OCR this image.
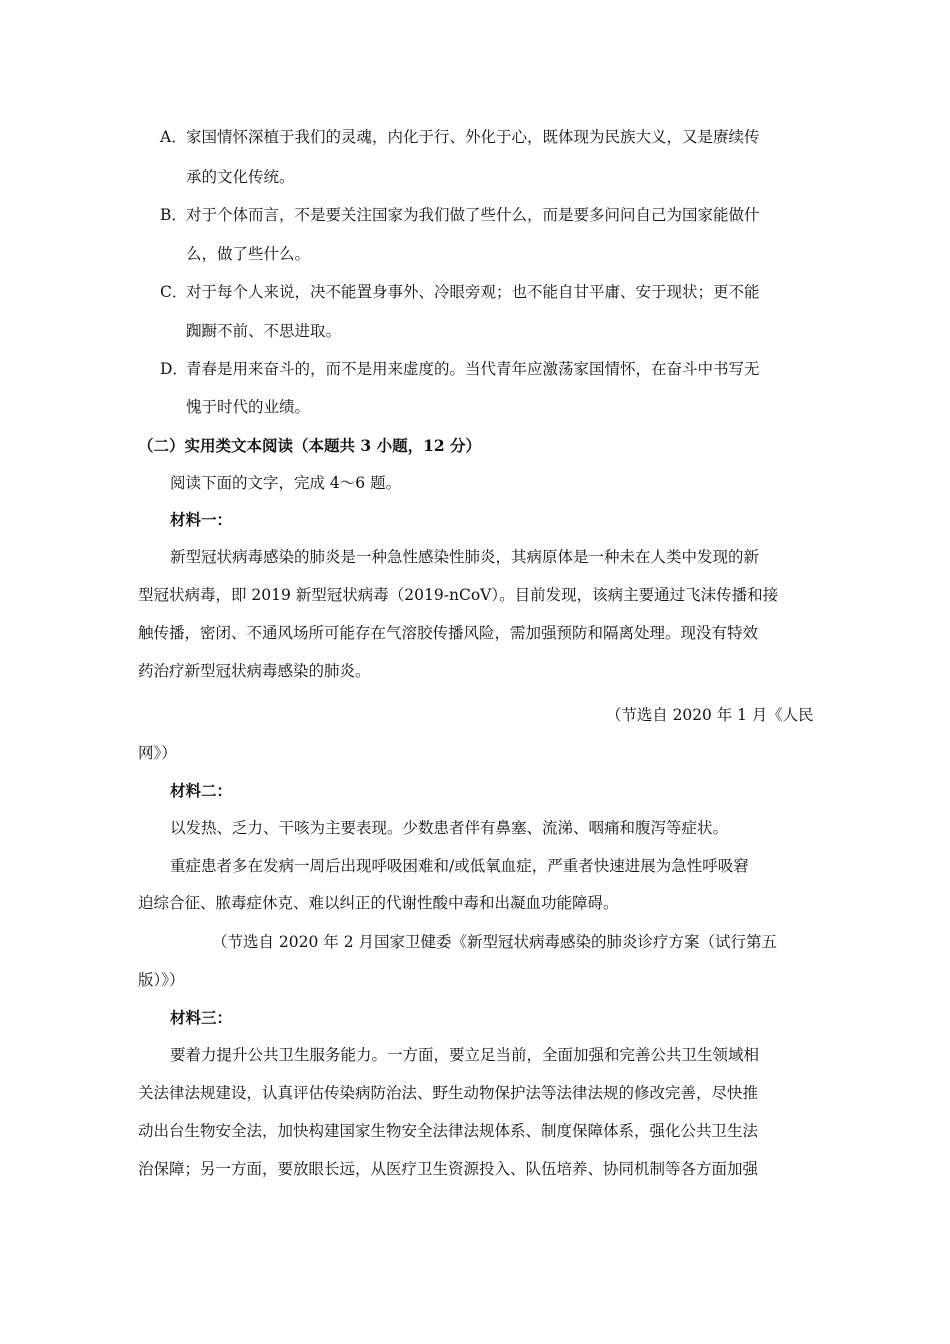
A．家国情怀深植于我们的灵魂，内化于行、外化于心，既体现为民族大义，又是赓续传
承的文化传统。
B．对于个体而言，不是要关注国家为我们做了些什么，而是要多问问自己为国家能做什
么，做了些什么。
C．对于每个人来说，决不能置身事外、冷眼旁观；也不能自甘平庸、安于现状；更不能
踟蹰不前、不思进取。
D．青春是用来奋斗的，而不是用来虚度的。当代青年应激荡家国情怀，在奋斗中书写无
愧于时代的业绩。
（二）实用类文本阅读（本题共 3 小题，12 分）
阅读下面的文字，完成 4～6 题。
材料一：
新型冠状病毒感染的肺炎是一种急性感染性肺炎，其病原体是一种未在人类中发现的新
型冠状病毒，即 2019 新型冠状病毒（2019-nCoV）。目前发现，该病主要通过飞沫传播和接
触传播，密闭、不通风场所可能存在气溶胶传播风险，需加强预防和隔离处理。现没有特效
药治疗新型冠状病毒感染的肺炎。
（节选自 2020 年 1 月《人民
网》）
材料二：
以发热、乏力、干咳为主要表现。少数患者伴有鼻塞、流涕、咽痛和腹泻等症状。
重症患者多在发病一周后出现呼吸困难和/或低氧血症，严重者快速进展为急性呼吸窘
迫综合征、脓毒症休克、难以纠正的代谢性酸中毒和出凝血功能障碍。
（节选自 2020 年 2 月国家卫健委《新型冠状病毒感染的肺炎诊疗方案（试行第五
版）》）
材料三：
要着力提升公共卫生服务能力。一方面，要立足当前，全面加强和完善公共卫生领域相
关法律法规建设，认真评估传染病防治法、野生动物保护法等法律法规的修改完善，尽快推
动出台生物安全法，加快构建国家生物安全法律法规体系、制度保障体系，强化公共卫生法
治保障；另一方面，要放眼长远，从医疗卫生资源投入、队伍培养、协同机制等各方面加强
